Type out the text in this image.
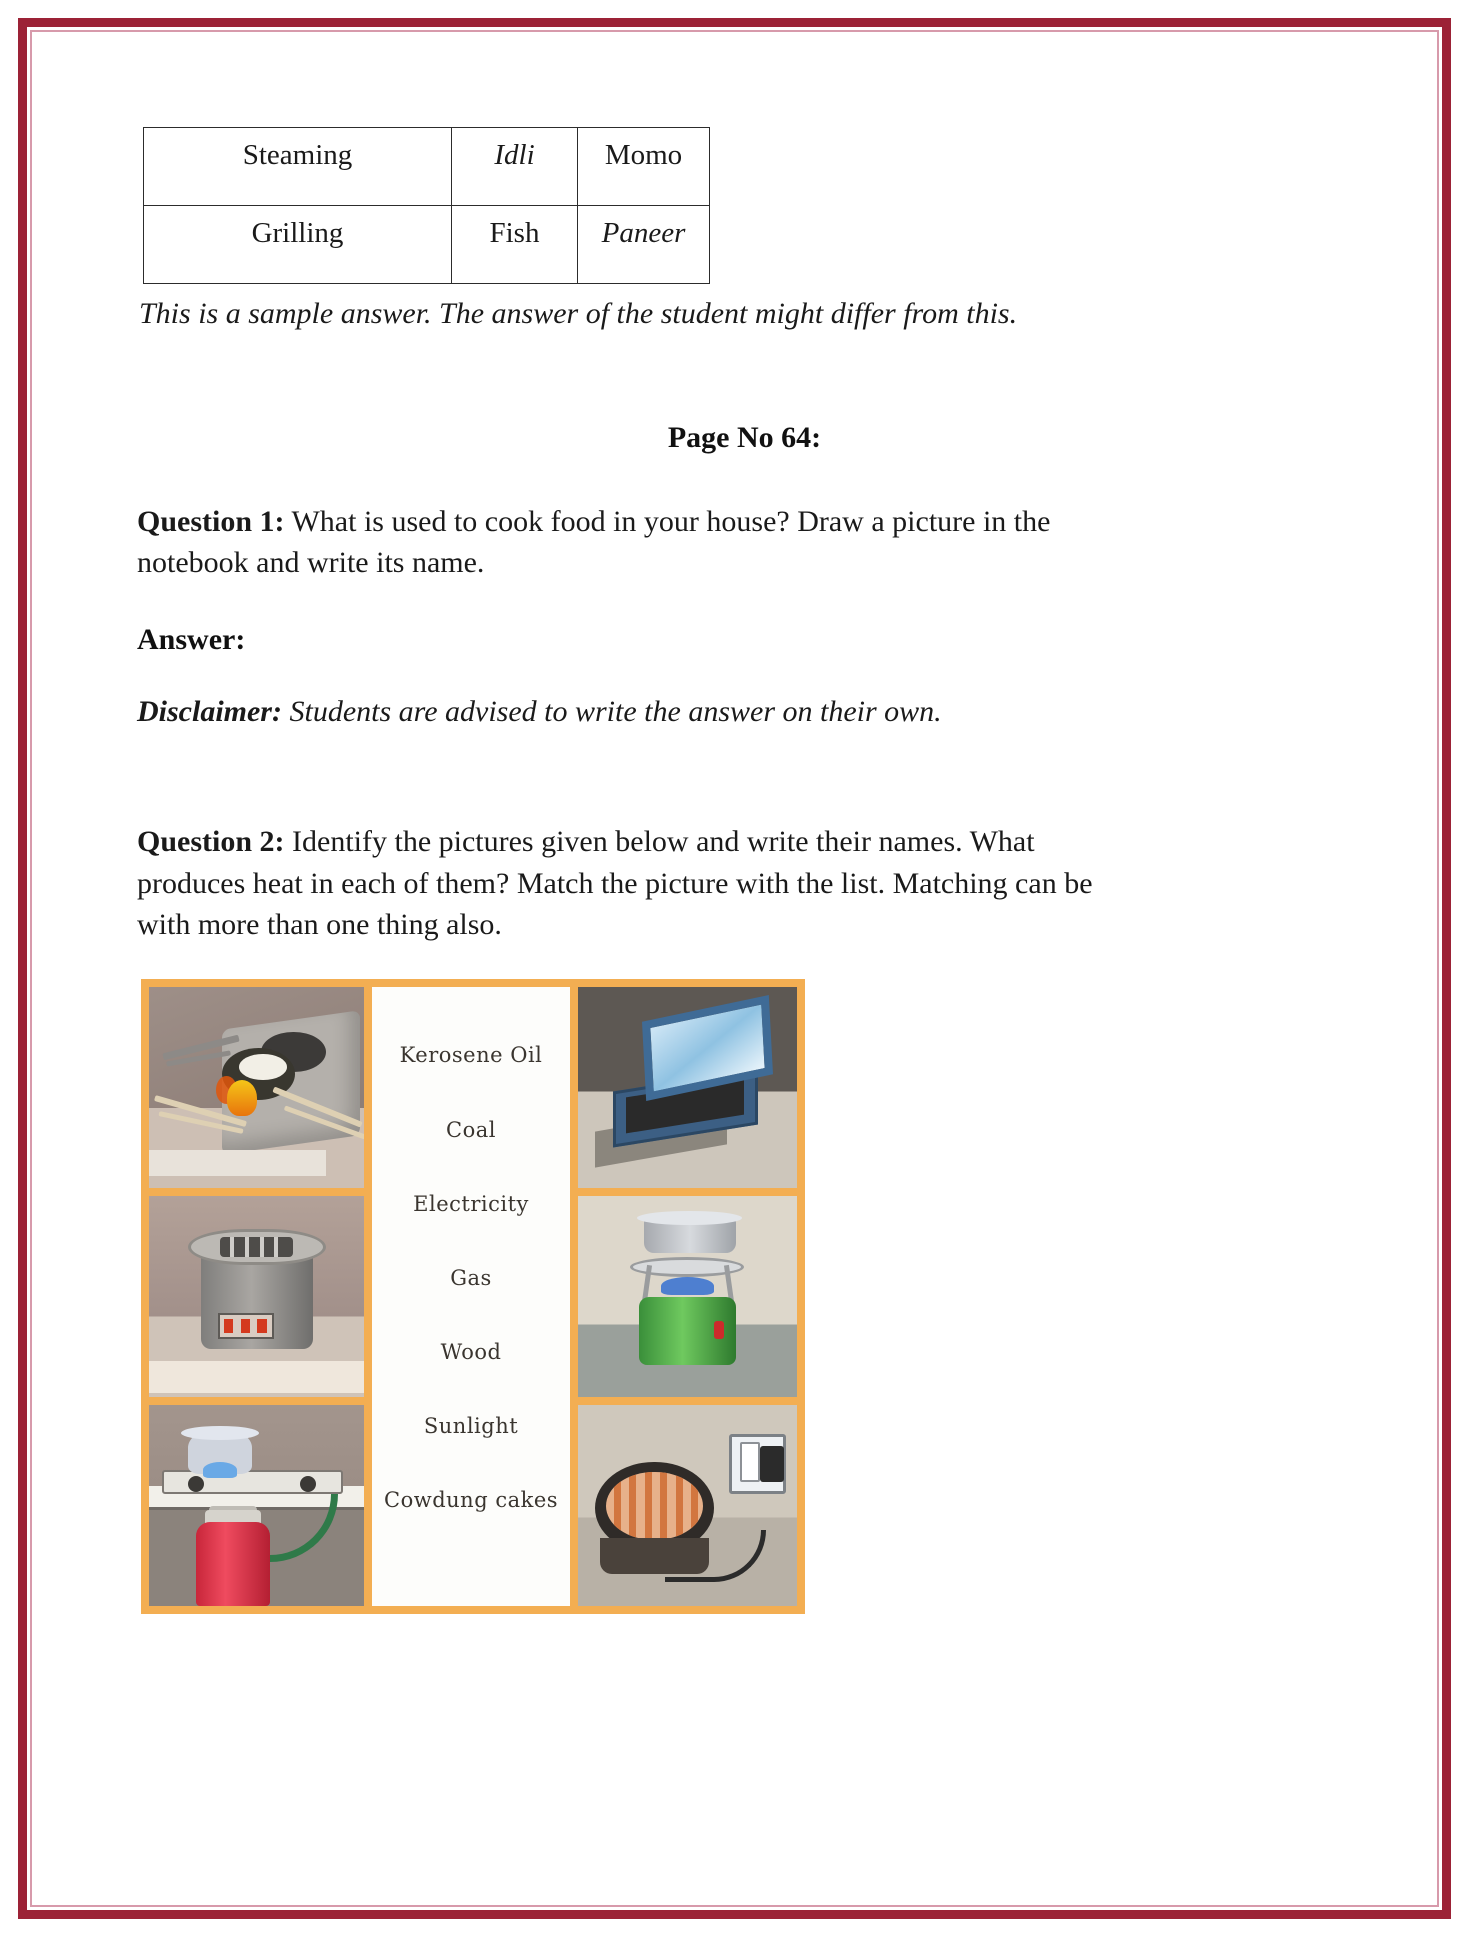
Steaming	Idli	Momo
Grilling	Fish	Paneer
This is a sample answer. The answer of the student might differ from this.
Page No 64:
Question 1: What is used to cook food in your house? Draw a picture in the notebook and write its name.
Answer:
Disclaimer: Students are advised to write the answer on their own.
Question 2: Identify the pictures given below and write their names. What produces heat in each of them? Match the picture with the list. Matching can be with more than one thing also.
Kerosene Oil
Coal
Electricity
Gas
Wood
Sunlight
Cowdung cakes
